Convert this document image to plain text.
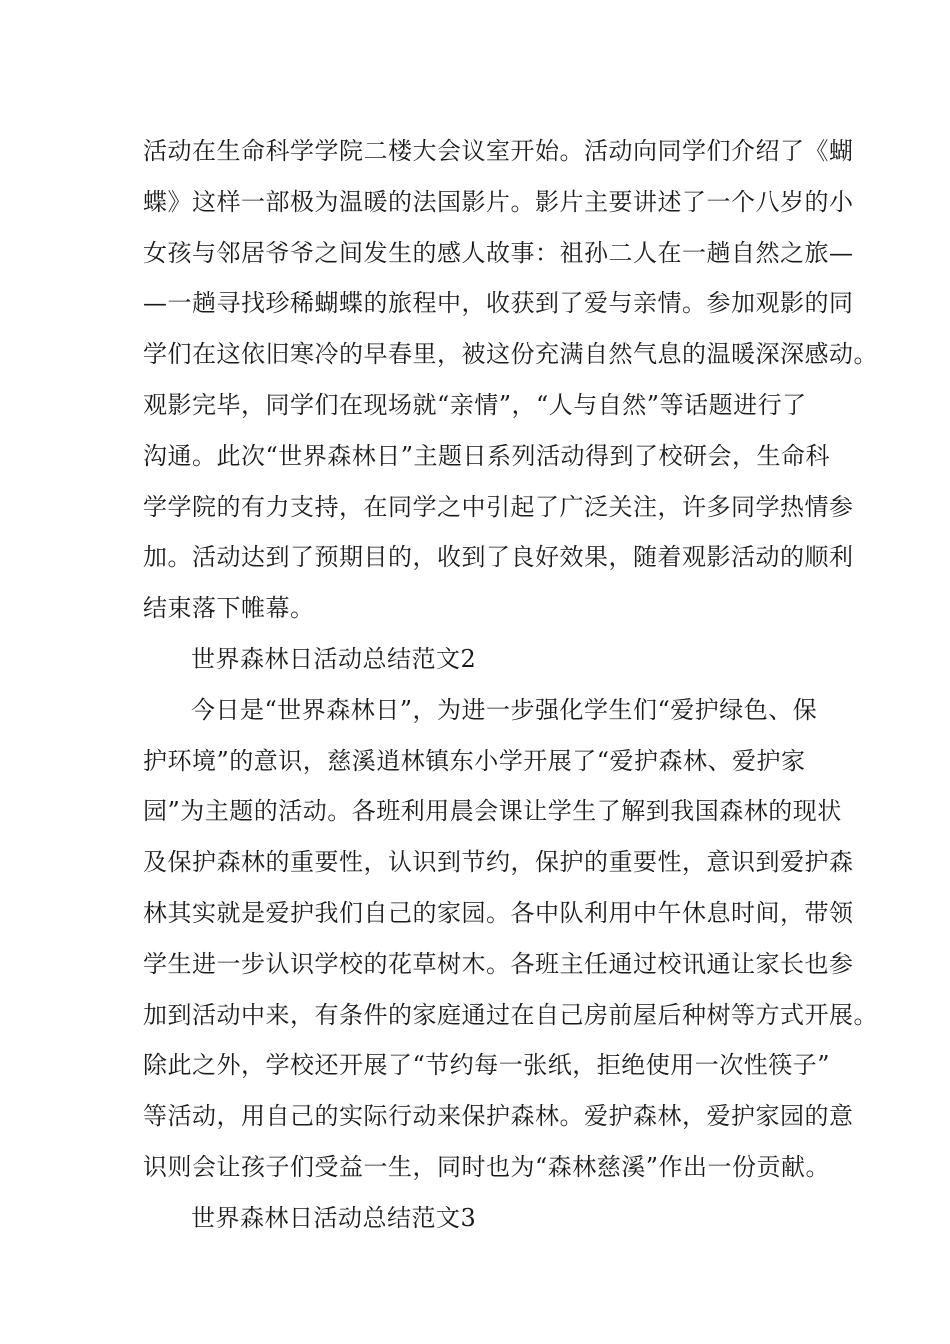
活动在生命科学学院二楼大会议室开始。活动向同学们介绍了《蝴
蝶》这样一部极为温暖的法国影片。影片主要讲述了一个八岁的小
女孩与邻居爷爷之间发生的感人故事：祖孙二人在一趟自然之旅—
—一趟寻找珍稀蝴蝶的旅程中，收获到了爱与亲情。参加观影的同
学们在这依旧寒冷的早春里，被这份充满自然气息的温暖深深感动。
观影完毕，同学们在现场就“亲情”，“人与自然”等话题进行了
沟通。此次“世界森林日”主题日系列活动得到了校研会，生命科
学学院的有力支持，在同学之中引起了广泛关注，许多同学热情参
加。活动达到了预期目的，收到了良好效果，随着观影活动的顺利
结束落下帷幕。
世界森林日活动总结范文2
今日是“世界森林日”，为进一步强化学生们“爱护绿色、保
护环境”的意识，慈溪逍林镇东小学开展了“爱护森林、爱护家
园”为主题的活动。各班利用晨会课让学生了解到我国森林的现状
及保护森林的重要性，认识到节约，保护的重要性，意识到爱护森
林其实就是爱护我们自己的家园。各中队利用中午休息时间，带领
学生进一步认识学校的花草树木。各班主任通过校讯通让家长也参
加到活动中来，有条件的家庭通过在自己房前屋后种树等方式开展。
除此之外，学校还开展了“节约每一张纸，拒绝使用一次性筷子”
等活动，用自己的实际行动来保护森林。爱护森林，爱护家园的意
识则会让孩子们受益一生，同时也为“森林慈溪”作出一份贡献。
世界森林日活动总结范文3
